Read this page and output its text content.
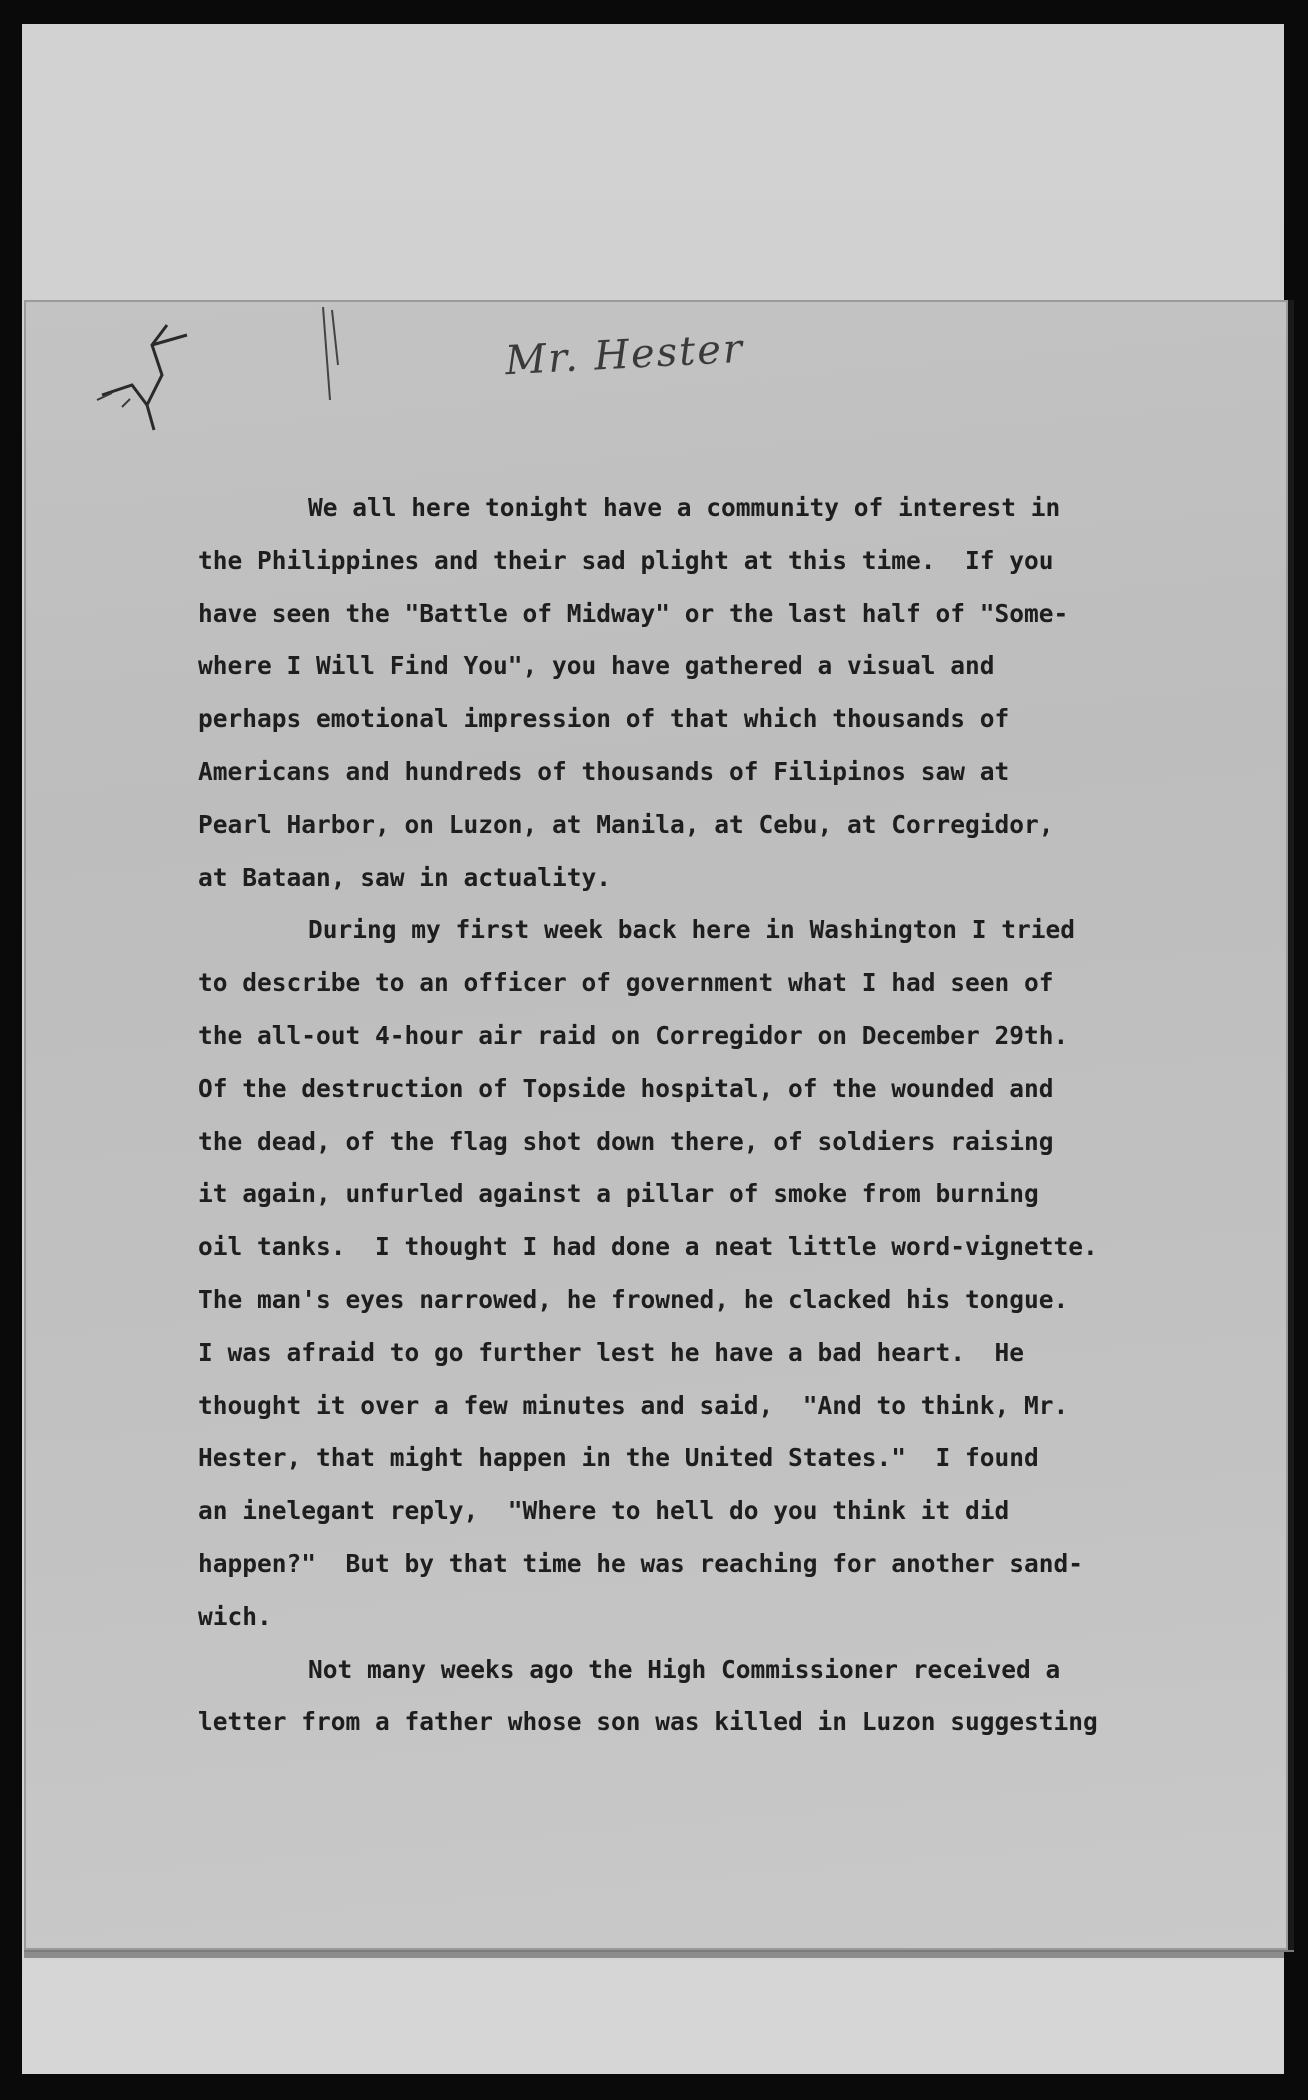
Mr. Hester
We all here tonight have a community of interest in
the Philippines and their sad plight at this time.  If you
have seen the "Battle of Midway" or the last half of "Some-
where I Will Find You", you have gathered a visual and
perhaps emotional impression of that which thousands of
Americans and hundreds of thousands of Filipinos saw at
Pearl Harbor, on Luzon, at Manila, at Cebu, at Corregidor,
at Bataan, saw in actuality.
During my first week back here in Washington I tried
to describe to an officer of government what I had seen of
the all-out 4-hour air raid on Corregidor on December 29th.
Of the destruction of Topside hospital, of the wounded and
the dead, of the flag shot down there, of soldiers raising
it again, unfurled against a pillar of smoke from burning
oil tanks.  I thought I had done a neat little word-vignette.
The man's eyes narrowed, he frowned, he clacked his tongue.
I was afraid to go further lest he have a bad heart.  He
thought it over a few minutes and said,  "And to think, Mr.
Hester, that might happen in the United States."  I found
an inelegant reply,  "Where to hell do you think it did
happen?"  But by that time he was reaching for another sand-
wich.
Not many weeks ago the High Commissioner received a
letter from a father whose son was killed in Luzon suggesting
